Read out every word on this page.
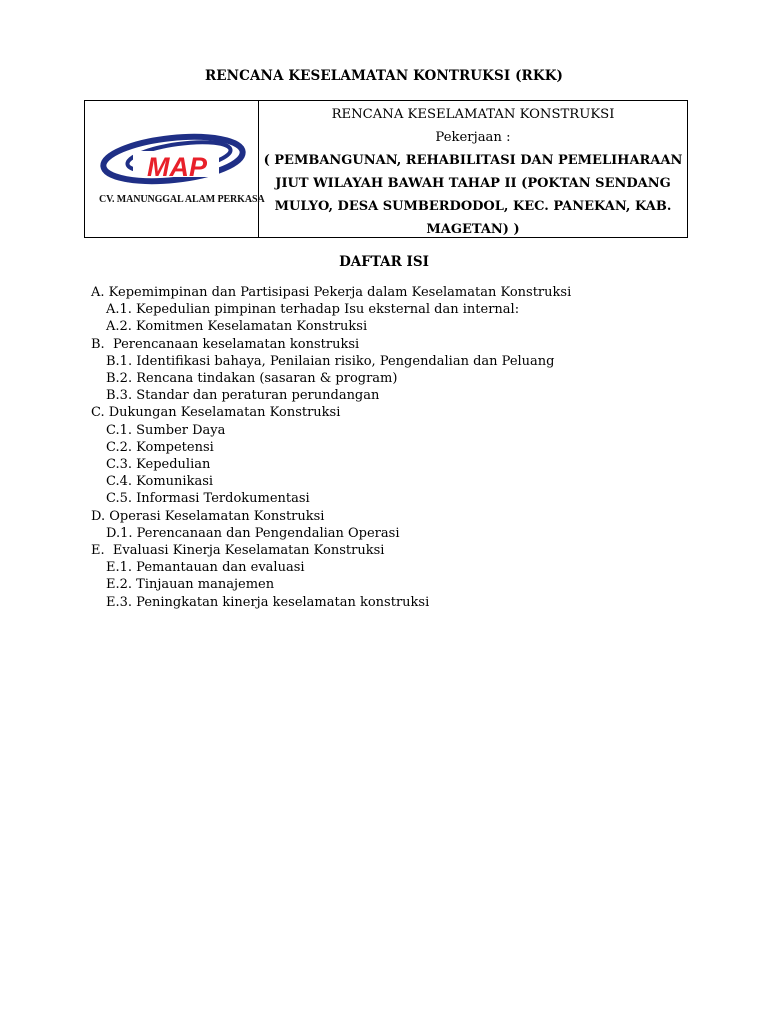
RENCANA KESELAMATAN KONTRUKSI (RKK)
MAP
CV. MANUNGGAL ALAM PERKASA
RENCANA KESELAMATAN KONSTRUKSI
Pekerjaan :
( PEMBANGUNAN, REHABILITASI DAN PEMELIHARAAN
JIUT WILAYAH BAWAH TAHAP II (POKTAN SENDANG
MULYO, DESA SUMBERDODOL, KEC. PANEKAN, KAB.
MAGETAN) )
DAFTAR ISI
A. Kepemimpinan dan Partisipasi Pekerja dalam Keselamatan Konstruksi
A.1. Kepedulian pimpinan terhadap Isu eksternal dan internal:
A.2. Komitmen Keselamatan Konstruksi
B.  Perencanaan keselamatan konstruksi
B.1. Identifikasi bahaya, Penilaian risiko, Pengendalian dan Peluang
B.2. Rencana tindakan (sasaran & program)
B.3. Standar dan peraturan perundangan
C. Dukungan Keselamatan Konstruksi
C.1. Sumber Daya
C.2. Kompetensi
C.3. Kepedulian
C.4. Komunikasi
C.5. Informasi Terdokumentasi
D. Operasi Keselamatan Konstruksi
D.1. Perencanaan dan Pengendalian Operasi
E.  Evaluasi Kinerja Keselamatan Konstruksi
E.1. Pemantauan dan evaluasi
E.2. Tinjauan manajemen
E.3. Peningkatan kinerja keselamatan konstruksi
